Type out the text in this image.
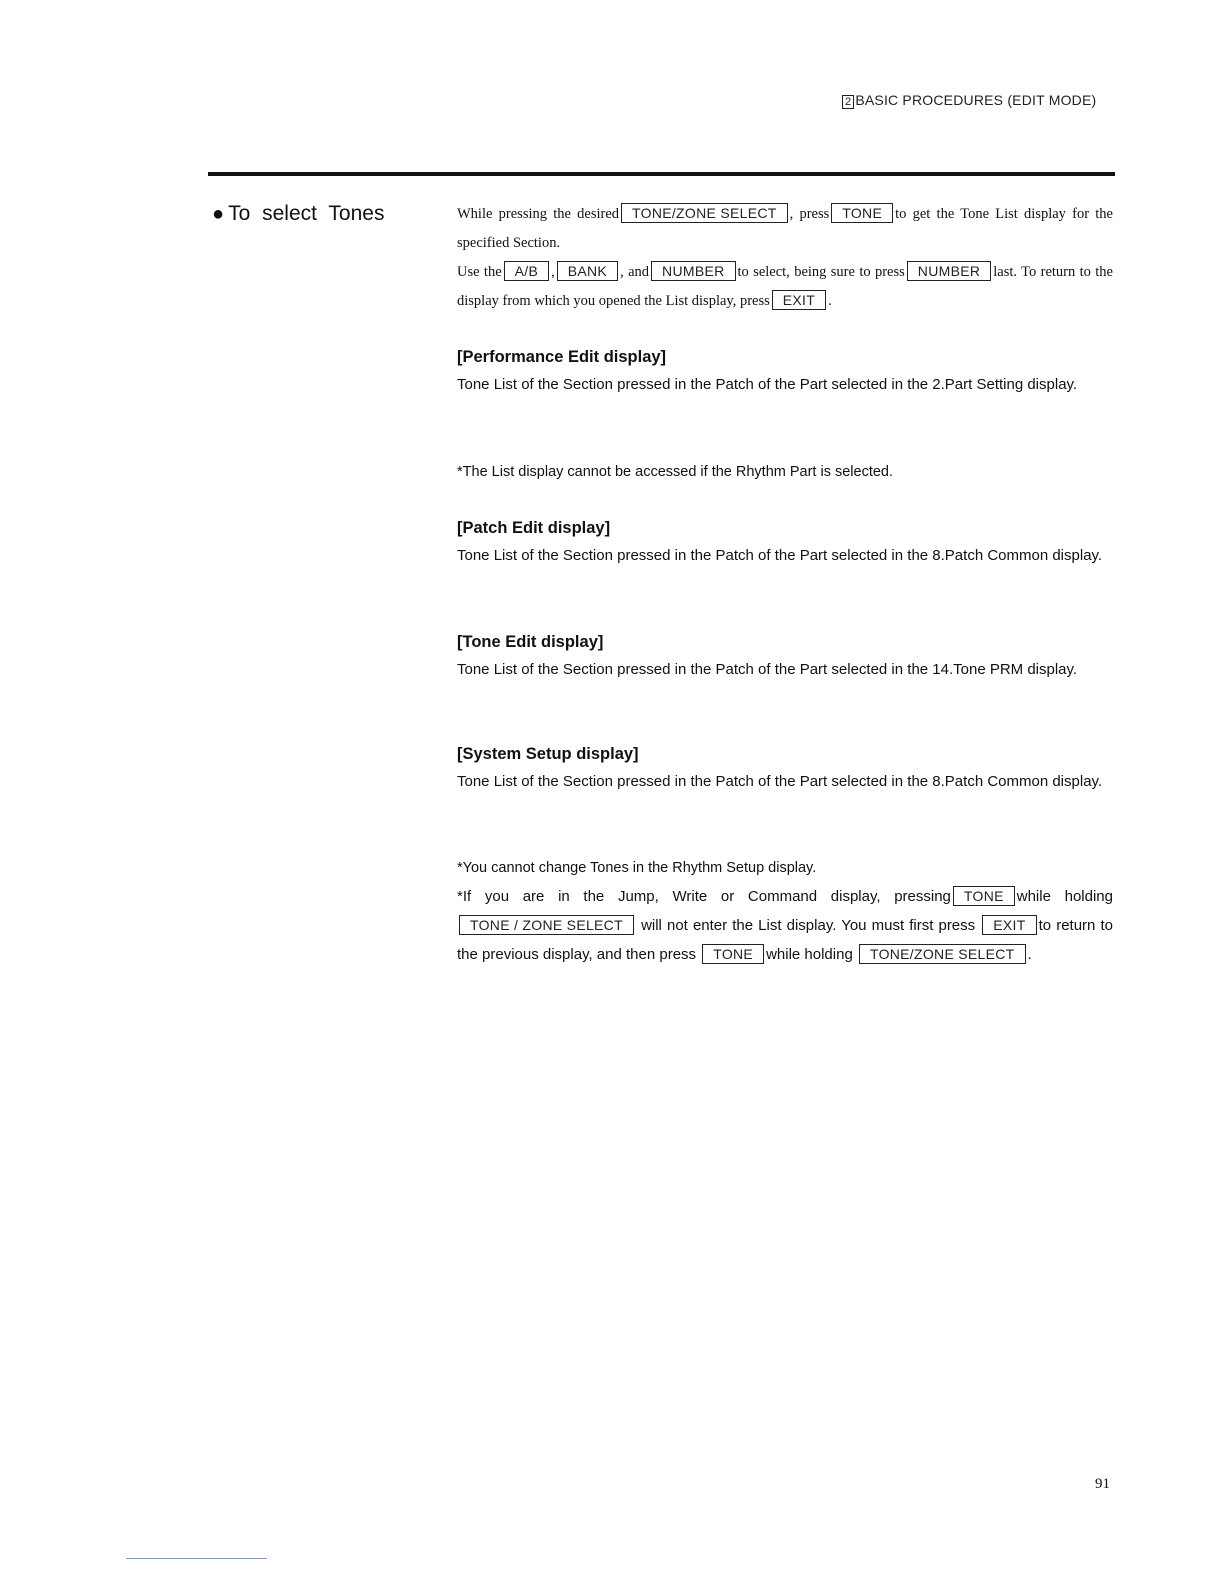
2 BASIC PROCEDURES (EDIT MODE)
● To select Tones	While pressing the desired TONE/ZONE SELECT , press TONE to get the Tone List display for the specified Section.
Use the A/B , BANK , and NUMBER to select, being sure to press NUMBER last. To return to the display from which you opened the List display, press EXIT .

[Performance Edit display]

Tone List of the Section pressed in the Patch of the Part selected in the 2.Part Setting display.
*The List display cannot be accessed if the Rhythm Part is selected.

[Patch Edit display]

Tone List of the Section pressed in the Patch of the Part selected in the 8.Patch Common display.

[Tone Edit display]

Tone List of the Section pressed in the Patch of the Part selected in the 14.Tone PRM display.

[System Setup display]

Tone List of the Section pressed in the Patch of the Part selected in the 8.Patch Common display.
*You cannot change Tones in the Rhythm Setup display.
*If you are in the Jump, Write or Command display, pressing TONE while holding TONE / ZONE SELECT will not enter the List display. You must first press EXIT to return to the previous display, and then press TONE while holding TONE/ZONE SELECT .
91
